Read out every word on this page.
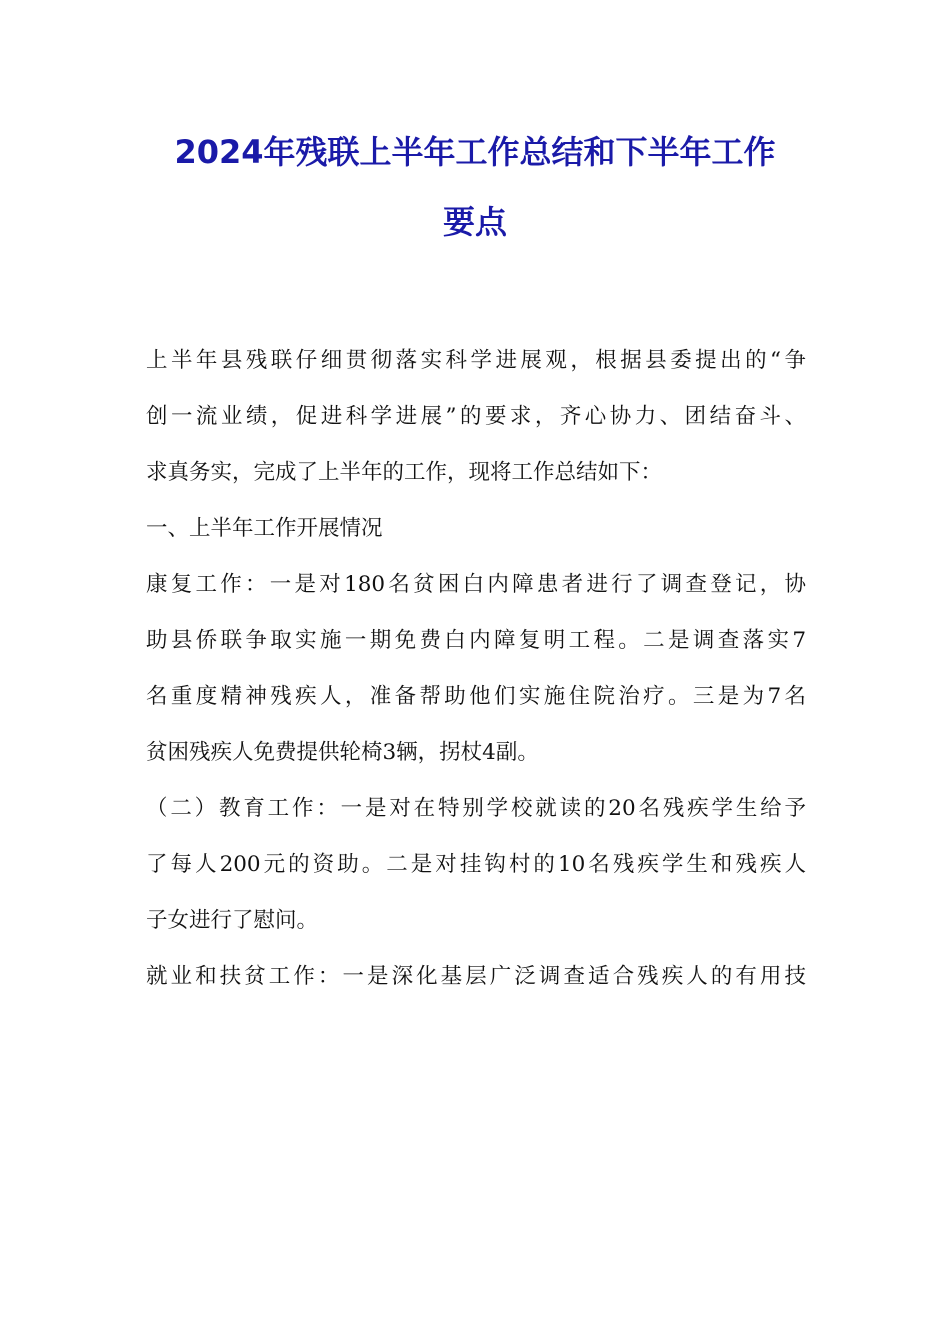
2024年残联上半年工作总结和下半年工作
要点

上半年县残联仔细贯彻落实科学进展观，根据县委提出的“争

创一流业绩，促进科学进展”的要求，齐心协力、团结奋斗、

求真务实，完成了上半年的工作，现将工作总结如下：

一、上半年工作开展情况

康复工作：一是对180名贫困白内障患者进行了调查登记，协

助县侨联争取实施一期免费白内障复明工程。二是调查落实7

名重度精神残疾人，准备帮助他们实施住院治疗。三是为7名

贫困残疾人免费提供轮椅3辆，拐杖4副。

（二）教育工作：一是对在特别学校就读的20名残疾学生给予

了每人200元的资助。二是对挂钩村的10名残疾学生和残疾人

子女进行了慰问。

就业和扶贫工作：一是深化基层广泛调查适合残疾人的有用技
